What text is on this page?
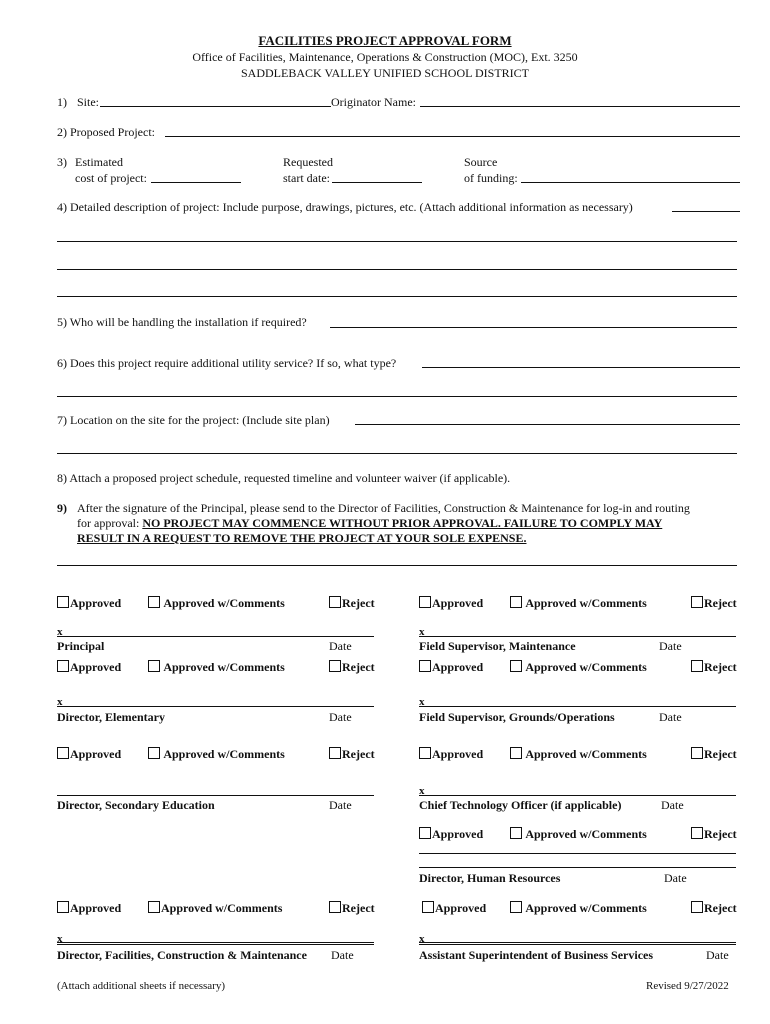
FACILITIES PROJECT APPROVAL FORM
Office of Facilities, Maintenance, Operations & Construction (MOC), Ext. 3250
SADDLEBACK VALLEY UNIFIED SCHOOL DISTRICT
1) Site:	Originator Name:
2) Proposed Project:
3) Estimated
cost of project:
Requested
start date:
Source
of funding:
4) Detailed description of project: Include purpose, drawings, pictures, etc. (Attach additional information as necessary)
5) Who will be handling the installation if required?
6) Does this project require additional utility service? If so, what type?
7) Location on the site for the project: (Include site plan)
8) Attach a proposed project schedule, requested timeline and volunteer waiver (if applicable).
9) After the signature of the Principal, please send to the Director of Facilities, Construction & Maintenance for log-in and routing
for approval: NO PROJECT MAY COMMENCE WITHOUT PRIOR APPROVAL. FAILURE TO COMPLY MAY
RESULT IN A REQUEST TO REMOVE THE PROJECT AT YOUR SOLE EXPENSE.
Approved	Approved w/Comments	Reject	Approved	Approved w/Comments	Reject
x
Principal	Date
x
Field Supervisor, Maintenance	Date
Approved	Approved w/Comments	Reject	Approved	Approved w/Comments	Reject
x
Director, Elementary	Date
x
Field Supervisor, Grounds/Operations	Date
Approved	Approved w/Comments	Reject	Approved	Approved w/Comments	Reject
Director, Secondary Education	Date
x
Chief Technology Officer (if applicable)	Date
Approved	Approved w/Comments	Reject
Director, Human Resources	Date
Approved	Approved w/Comments	Reject	Approved	Approved w/Comments	Reject
x
Director, Facilities, Construction & Maintenance Date
x
Assistant Superintendent of Business Services	Date
(Attach additional sheets if necessary)	Revised 9/27/2022
